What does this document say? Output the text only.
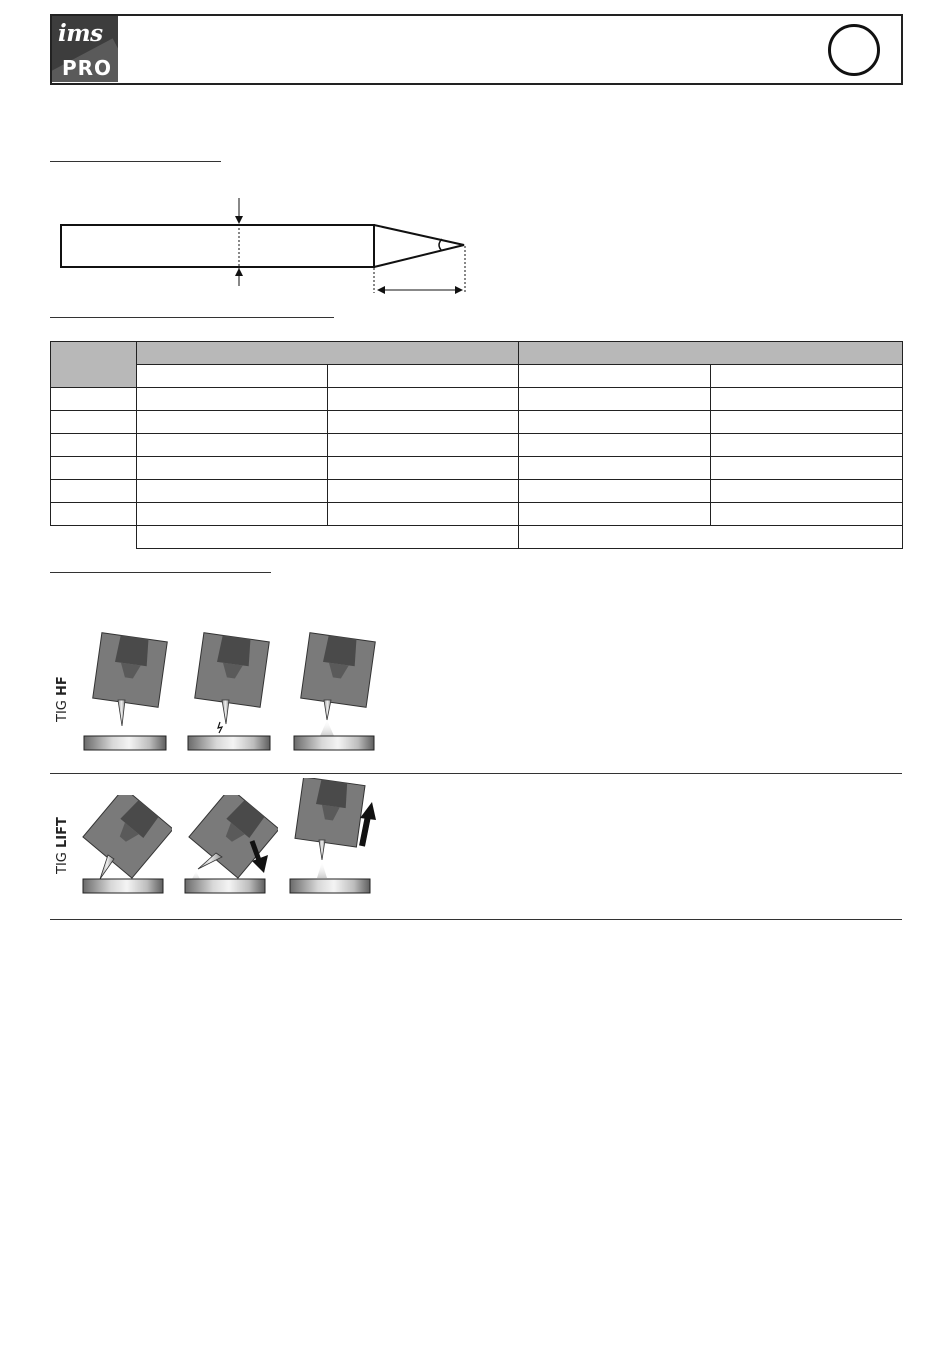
ims
PRO

TIG HF
TIG LIFT
